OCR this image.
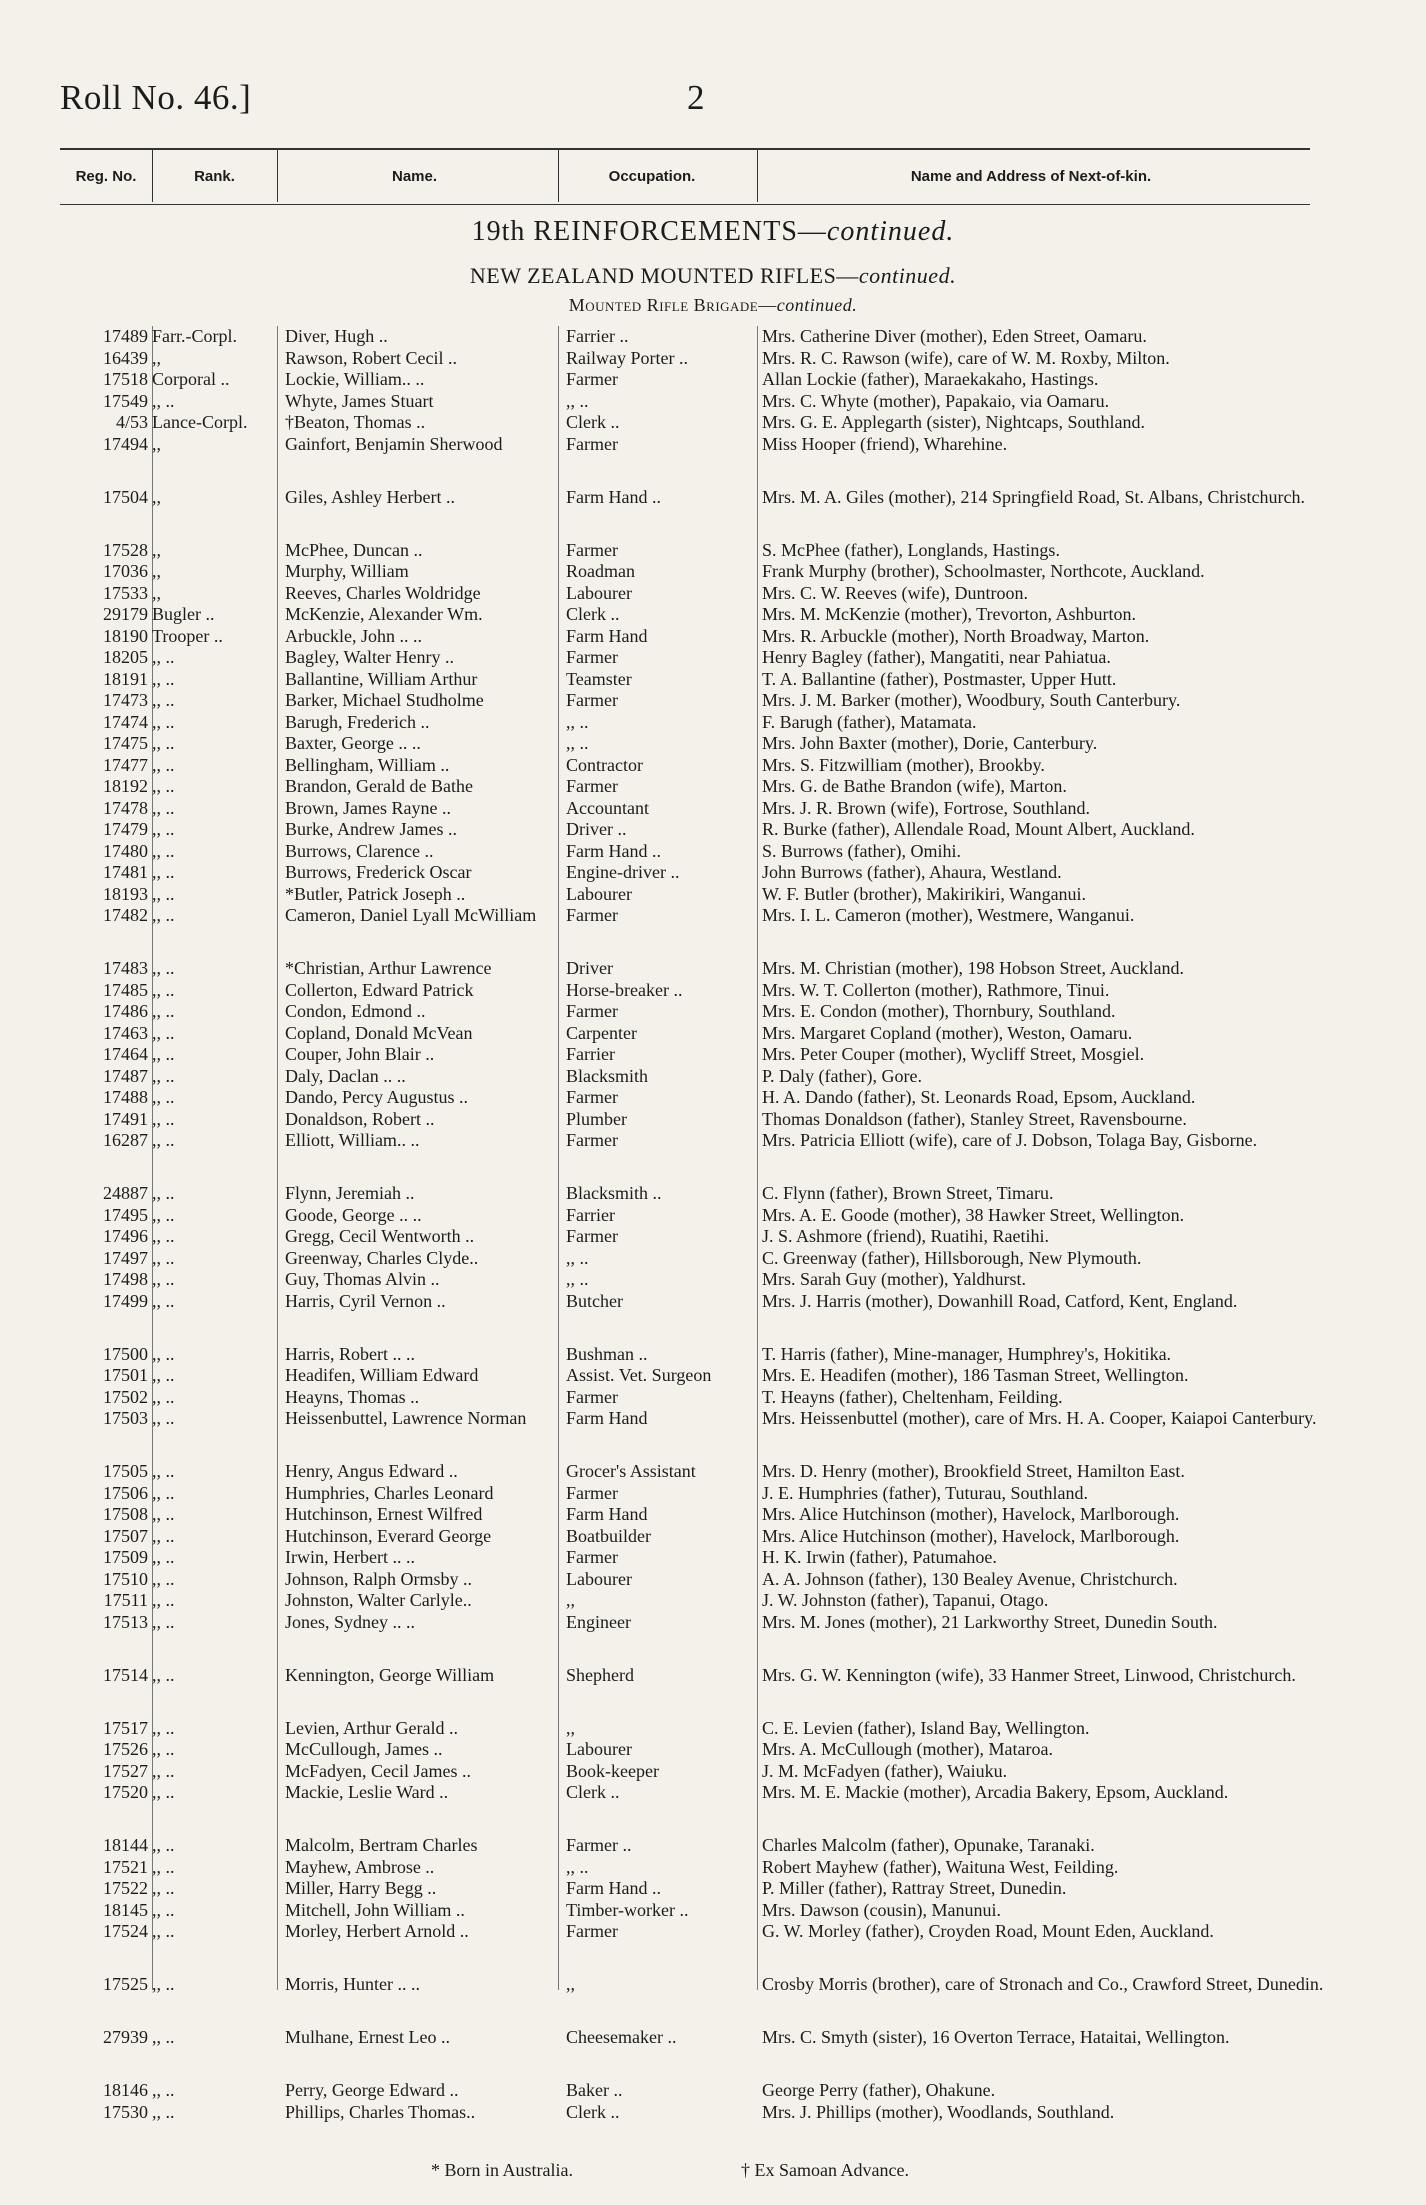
Roll No. 46.]	2
Reg. No.	Rank.	Name.	Occupation.	Name and Address of Next-of-kin.
19th REINFORCEMENTS—continued.
NEW ZEALAND MOUNTED RIFLES—continued.
Mounted Rifle Brigade—continued.
17489 Farr.-Corpl.	Diver, Hugh ..	Farrier ..	Mrs. Catherine Diver (mother), Eden Street, Oamaru.
16439 ,,	Rawson, Robert Cecil ..	Railway Porter ..	Mrs. R. C. Rawson (wife), care of W. M. Roxby, Milton.
17518 Corporal ..	Lockie, William.. ..	Farmer	Allan Lockie (father), Maraekakaho, Hastings.
17549 ,, ..	Whyte, James Stuart	,, ..	Mrs. C. Whyte (mother), Papakaio, via Oamaru.
4/53 Lance-Corpl.	†Beaton, Thomas ..	Clerk ..	Mrs. G. E. Applegarth (sister), Nightcaps, Southland.
17494 ,,	Gainfort, Benjamin Sherwood	Farmer	Miss Hooper (friend), Wharehine.
17504 ,,	Giles, Ashley Herbert ..	Farm Hand ..	Mrs. M. A. Giles (mother), 214 Springfield Road, St. Albans, Christchurch.
17528 ,,	McPhee, Duncan ..	Farmer	S. McPhee (father), Longlands, Hastings.
17036 ,,	Murphy, William	Roadman	Frank Murphy (brother), Schoolmaster, Northcote, Auckland.
17533 ,,	Reeves, Charles Woldridge	Labourer	Mrs. C. W. Reeves (wife), Duntroon.
29179 Bugler ..	McKenzie, Alexander Wm.	Clerk ..	Mrs. M. McKenzie (mother), Trevorton, Ashburton.
18190 Trooper ..	Arbuckle, John .. ..	Farm Hand	Mrs. R. Arbuckle (mother), North Broadway, Marton.
18205 ,, ..	Bagley, Walter Henry ..	Farmer	Henry Bagley (father), Mangatiti, near Pahiatua.
18191 ,, ..	Ballantine, William Arthur	Teamster	T. A. Ballantine (father), Postmaster, Upper Hutt.
17473 ,, ..	Barker, Michael Studholme	Farmer	Mrs. J. M. Barker (mother), Woodbury, South Canterbury.
17474 ,, ..	Barugh, Frederich ..	,, ..	F. Barugh (father), Matamata.
17475 ,, ..	Baxter, George .. ..	,, ..	Mrs. John Baxter (mother), Dorie, Canterbury.
17477 ,, ..	Bellingham, William ..	Contractor	Mrs. S. Fitzwilliam (mother), Brookby.
18192 ,, ..	Brandon, Gerald de Bathe	Farmer	Mrs. G. de Bathe Brandon (wife), Marton.
17478 ,, ..	Brown, James Rayne ..	Accountant	Mrs. J. R. Brown (wife), Fortrose, Southland.
17479 ,, ..	Burke, Andrew James ..	Driver ..	R. Burke (father), Allendale Road, Mount Albert, Auckland.
17480 ,, ..	Burrows, Clarence ..	Farm Hand ..	S. Burrows (father), Omihi.
17481 ,, ..	Burrows, Frederick Oscar	Engine-driver ..	John Burrows (father), Ahaura, Westland.
18193 ,, ..	*Butler, Patrick Joseph ..	Labourer	W. F. Butler (brother), Makirikiri, Wanganui.
17482 ,, ..	Cameron, Daniel Lyall McWilliam	Farmer	Mrs. I. L. Cameron (mother), Westmere, Wanganui.
17483 ,, ..	*Christian, Arthur Lawrence	Driver	Mrs. M. Christian (mother), 198 Hobson Street, Auckland.
17485 ,, ..	Collerton, Edward Patrick	Horse-breaker ..	Mrs. W. T. Collerton (mother), Rathmore, Tinui.
17486 ,, ..	Condon, Edmond ..	Farmer	Mrs. E. Condon (mother), Thornbury, Southland.
17463 ,, ..	Copland, Donald McVean	Carpenter	Mrs. Margaret Copland (mother), Weston, Oamaru.
17464 ,, ..	Couper, John Blair ..	Farrier	Mrs. Peter Couper (mother), Wycliff Street, Mosgiel.
17487 ,, ..	Daly, Daclan .. ..	Blacksmith	P. Daly (father), Gore.
17488 ,, ..	Dando, Percy Augustus ..	Farmer	H. A. Dando (father), St. Leonards Road, Epsom, Auckland.
17491 ,, ..	Donaldson, Robert ..	Plumber	Thomas Donaldson (father), Stanley Street, Ravensbourne.
16287 ,, ..	Elliott, William.. ..	Farmer	Mrs. Patricia Elliott (wife), care of J. Dobson, Tolaga Bay, Gisborne.
24887 ,, ..	Flynn, Jeremiah ..	Blacksmith ..	C. Flynn (father), Brown Street, Timaru.
17495 ,, ..	Goode, George .. ..	Farrier	Mrs. A. E. Goode (mother), 38 Hawker Street, Wellington.
17496 ,, ..	Gregg, Cecil Wentworth ..	Farmer	J. S. Ashmore (friend), Ruatihi, Raetihi.
17497 ,, ..	Greenway, Charles Clyde..	,, ..	C. Greenway (father), Hillsborough, New Plymouth.
17498 ,, ..	Guy, Thomas Alvin ..	,, ..	Mrs. Sarah Guy (mother), Yaldhurst.
17499 ,, ..	Harris, Cyril Vernon ..	Butcher	Mrs. J. Harris (mother), Dowanhill Road, Catford, Kent, England.
17500 ,, ..	Harris, Robert .. ..	Bushman ..	T. Harris (father), Mine-manager, Humphrey's, Hokitika.
17501 ,, ..	Headifen, William Edward	Assist. Vet. Surgeon	Mrs. E. Headifen (mother), 186 Tasman Street, Wellington.
17502 ,, ..	Heayns, Thomas ..	Farmer	T. Heayns (father), Cheltenham, Feilding.
17503 ,, ..	Heissenbuttel, Lawrence Norman	Farm Hand	Mrs. Heissenbuttel (mother), care of Mrs. H. A. Cooper, Kaiapoi Canterbury.
17505 ,, ..	Henry, Angus Edward ..	Grocer's Assistant	Mrs. D. Henry (mother), Brookfield Street, Hamilton East.
17506 ,, ..	Humphries, Charles Leonard	Farmer	J. E. Humphries (father), Tuturau, Southland.
17508 ,, ..	Hutchinson, Ernest Wilfred	Farm Hand	Mrs. Alice Hutchinson (mother), Havelock, Marlborough.
17507 ,, ..	Hutchinson, Everard George	Boatbuilder	Mrs. Alice Hutchinson (mother), Havelock, Marlborough.
17509 ,, ..	Irwin, Herbert .. ..	Farmer	H. K. Irwin (father), Patumahoe.
17510 ,, ..	Johnson, Ralph Ormsby ..	Labourer	A. A. Johnson (father), 130 Bealey Avenue, Christchurch.
17511 ,, ..	Johnston, Walter Carlyle..	,,	J. W. Johnston (father), Tapanui, Otago.
17513 ,, ..	Jones, Sydney .. ..	Engineer	Mrs. M. Jones (mother), 21 Larkworthy Street, Dunedin South.
17514 ,, ..	Kennington, George William	Shepherd	Mrs. G. W. Kennington (wife), 33 Hanmer Street, Linwood, Christchurch.
17517 ,, ..	Levien, Arthur Gerald ..	,,	C. E. Levien (father), Island Bay, Wellington.
17526 ,, ..	McCullough, James ..	Labourer	Mrs. A. McCullough (mother), Mataroa.
17527 ,, ..	McFadyen, Cecil James ..	Book-keeper	J. M. McFadyen (father), Waiuku.
17520 ,, ..	Mackie, Leslie Ward ..	Clerk ..	Mrs. M. E. Mackie (mother), Arcadia Bakery, Epsom, Auckland.
18144 ,, ..	Malcolm, Bertram Charles	Farmer ..	Charles Malcolm (father), Opunake, Taranaki.
17521 ,, ..	Mayhew, Ambrose ..	,, ..	Robert Mayhew (father), Waituna West, Feilding.
17522 ,, ..	Miller, Harry Begg ..	Farm Hand ..	P. Miller (father), Rattray Street, Dunedin.
18145 ,, ..	Mitchell, John William ..	Timber-worker ..	Mrs. Dawson (cousin), Manunui.
17524 ,, ..	Morley, Herbert Arnold ..	Farmer	G. W. Morley (father), Croyden Road, Mount Eden, Auckland.
17525 ,, ..	Morris, Hunter .. ..	,,	Crosby Morris (brother), care of Stronach and Co., Crawford Street, Dunedin.
27939 ,, ..	Mulhane, Ernest Leo ..	Cheesemaker ..	Mrs. C. Smyth (sister), 16 Overton Terrace, Hataitai, Wellington.
18146 ,, ..	Perry, George Edward ..	Baker ..	George Perry (father), Ohakune.
17530 ,, ..	Phillips, Charles Thomas..	Clerk ..	Mrs. J. Phillips (mother), Woodlands, Southland.
* Born in Australia.	† Ex Samoan Advance.
